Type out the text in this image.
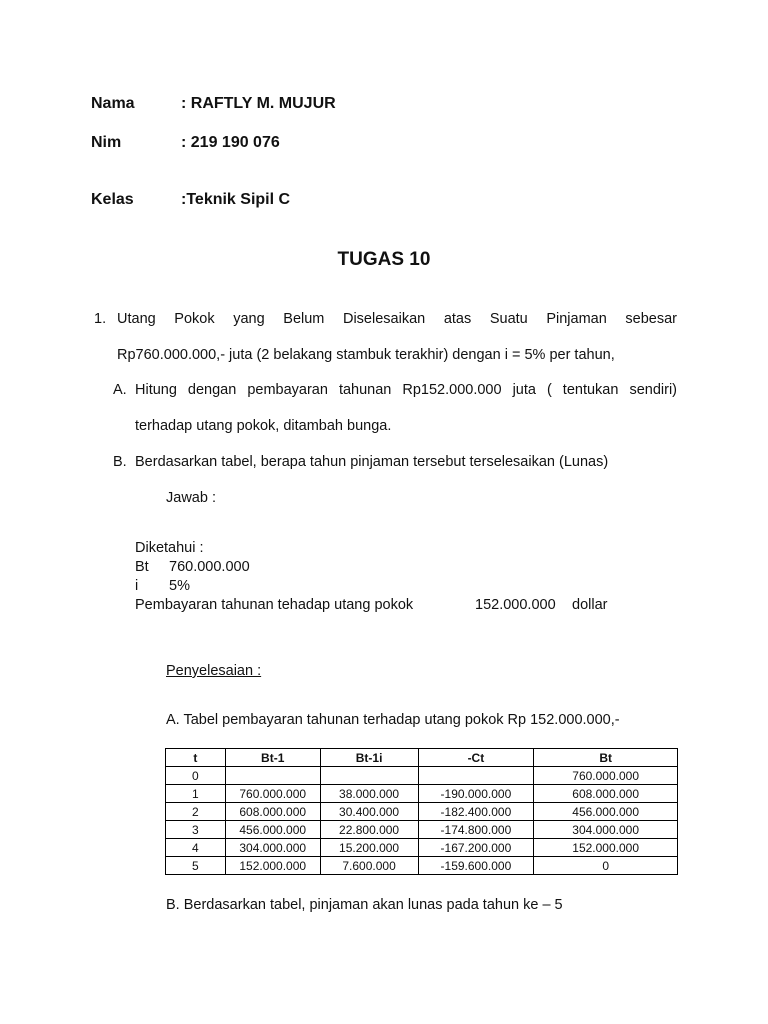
Nama	: RAFTLY M. MUJUR
Nim	: 219 190 076
Kelas	:Teknik Sipil C
TUGAS 10
1. Utang Pokok yang Belum Diselesaikan atas Suatu Pinjaman sebesar
Rp760.000.000,- juta (2 belakang stambuk terakhir) dengan i = 5% per tahun,
A. Hitung dengan pembayaran tahunan Rp152.000.000 juta ( tentukan sendiri)
terhadap utang pokok, ditambah bunga.
B. Berdasarkan tabel, berapa tahun pinjaman tersebut terselesaikan (Lunas)
Jawab :
Diketahui :
Bt 760.000.000
i 5%
Pembayaran tahunan tehadap utang pokok	152.000.000 dollar
Penyelesaian :
A. Tabel pembayaran tahunan terhadap utang pokok Rp 152.000.000,-
t	Bt-1	Bt-1i	-Ct	Bt
0				760.000.000
1	760.000.000	38.000.000	-190.000.000	608.000.000
2	608.000.000	30.400.000	-182.400.000	456.000.000
3	456.000.000	22.800.000	-174.800.000	304.000.000
4	304.000.000	15.200.000	-167.200.000	152.000.000
5	152.000.000	7.600.000	-159.600.000	0
B. Berdasarkan tabel, pinjaman akan lunas pada tahun ke – 5
